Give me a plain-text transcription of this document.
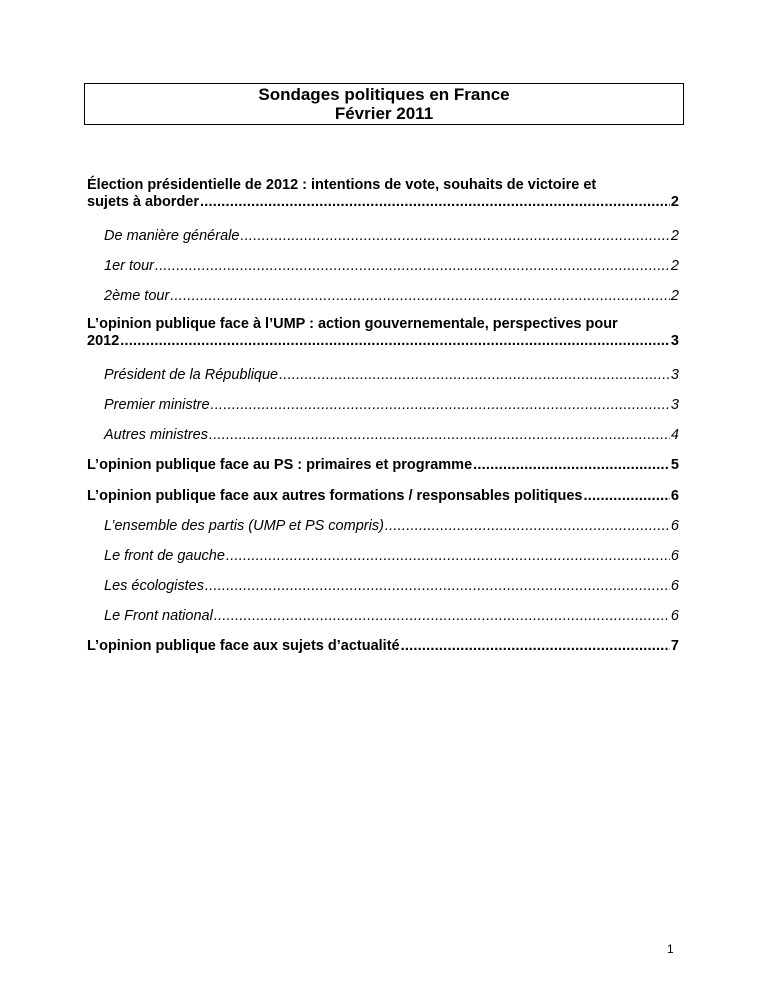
Sondages politiques en France
Février 2011
Élection présidentielle de 2012 : intentions de vote, souhaits de victoire et
sujets à aborder . . .	2
De manière générale . . .	2
1er tour . . .	2
2ème tour . . .	2
L’opinion publique face à l’UMP : action gouvernementale, perspectives pour
2012 . . .	3
Président de la République . . .	3
Premier ministre . . .	3
Autres ministres . . .	4
L’opinion publique face au PS : primaires et programme . . .	5
L’opinion publique face aux autres formations / responsables politiques . . .	6
L’ensemble des partis (UMP et PS compris) . . .	6
Le front de gauche . . .	6
Les écologistes . . .	6
Le Front national . . .	6
L’opinion publique face aux sujets d’actualité . . .	7
1
